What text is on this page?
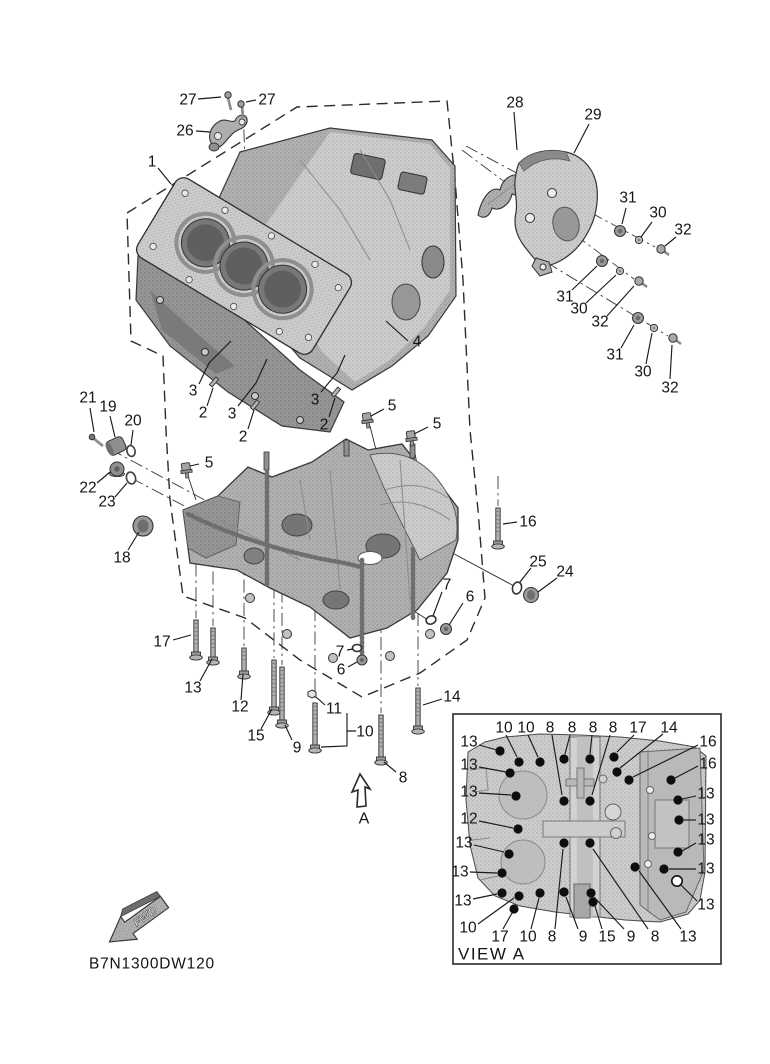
FWD
A
13
10 10 8 8 8 8 17 14
16
16
13
13
12
13
13
13
10
17 10 8 9 15 9 8 13
13
13
13
13
13
VIEW A
1
2
2
2
3
3
3
4
5
5
5
6
6
7
7
8
9
10
11
12
13
14
15
16
17
18
19
20
21
22
23
24
25
26
27	27	28
29
30
30
30
31
31
31
32
32
32
B7N1300DW120
